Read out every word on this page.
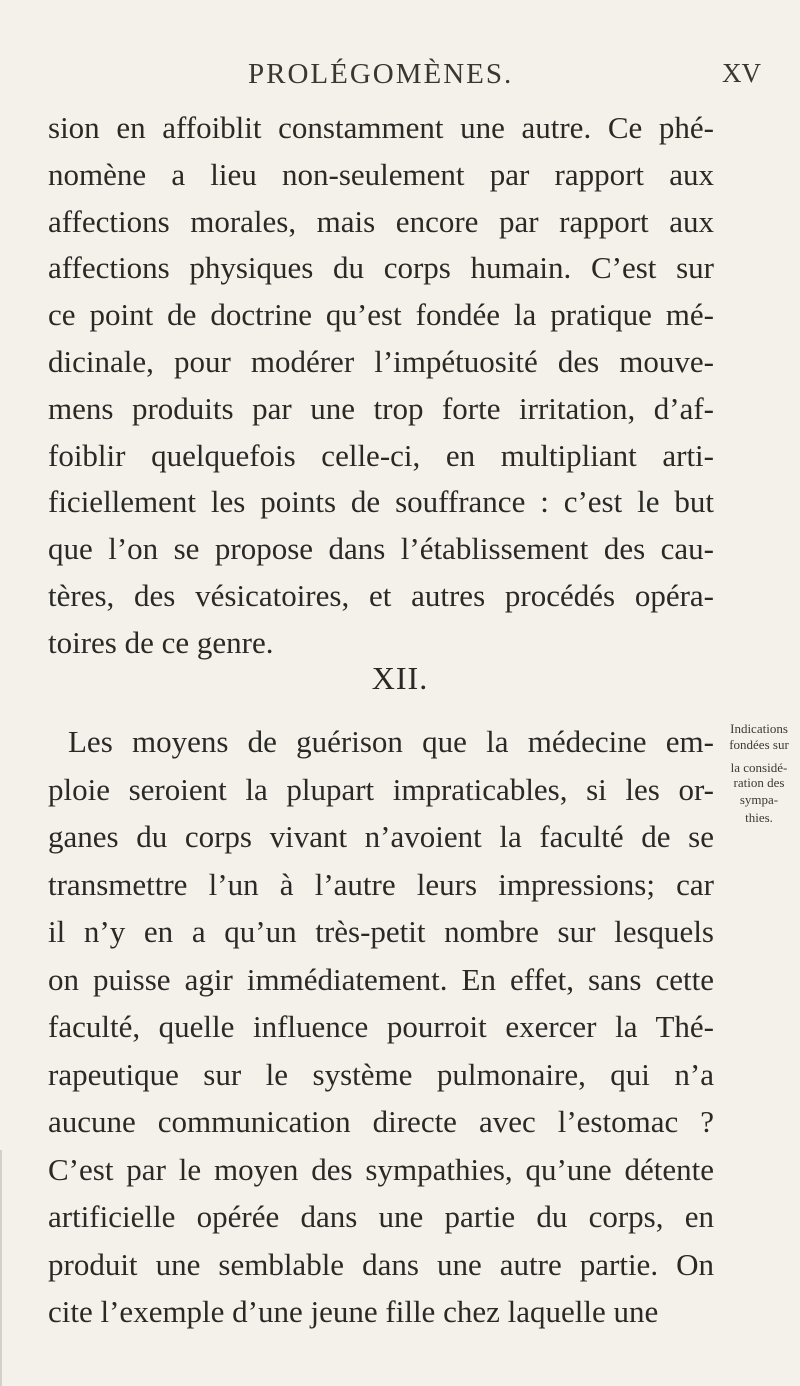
PROLÉGOMÈNES.	XV
sion en affoiblit constamment une autre. Ce phé-
nomène a lieu non-seulement par rapport aux
affections morales, mais encore par rapport aux
affections physiques du corps humain. C’est sur
ce point de doctrine qu’est fondée la pratique mé-
dicinale, pour modérer l’impétuosité des mouve-
mens produits par une trop forte irritation, d’af-
foiblir quelquefois celle-ci, en multipliant arti-
ficiellement les points de souffrance : c’est le but
que l’on se propose dans l’établissement des cau-
tères, des vésicatoires, et autres procédés opéra-
toires de ce genre.
XII.
Les moyens de guérison que la médecine em-
ploie seroient la plupart impraticables, si les or-
ganes du corps vivant n’avoient la faculté de se
transmettre l’un à l’autre leurs impressions; car
il n’y en a qu’un très-petit nombre sur lesquels
on puisse agir immédiatement. En effet, sans cette
faculté, quelle influence pourroit exercer la Thé-
rapeutique sur le système pulmonaire, qui n’a
aucune communication directe avec l’estomac ?
C’est par le moyen des sympathies, qu’une détente
artificielle opérée dans une partie du corps, en
produit une semblable dans une autre partie. On
cite l’exemple d’une jeune fille chez laquelle une
Indications
fondées sur
la considé-
ration des
sympa-
thies.
